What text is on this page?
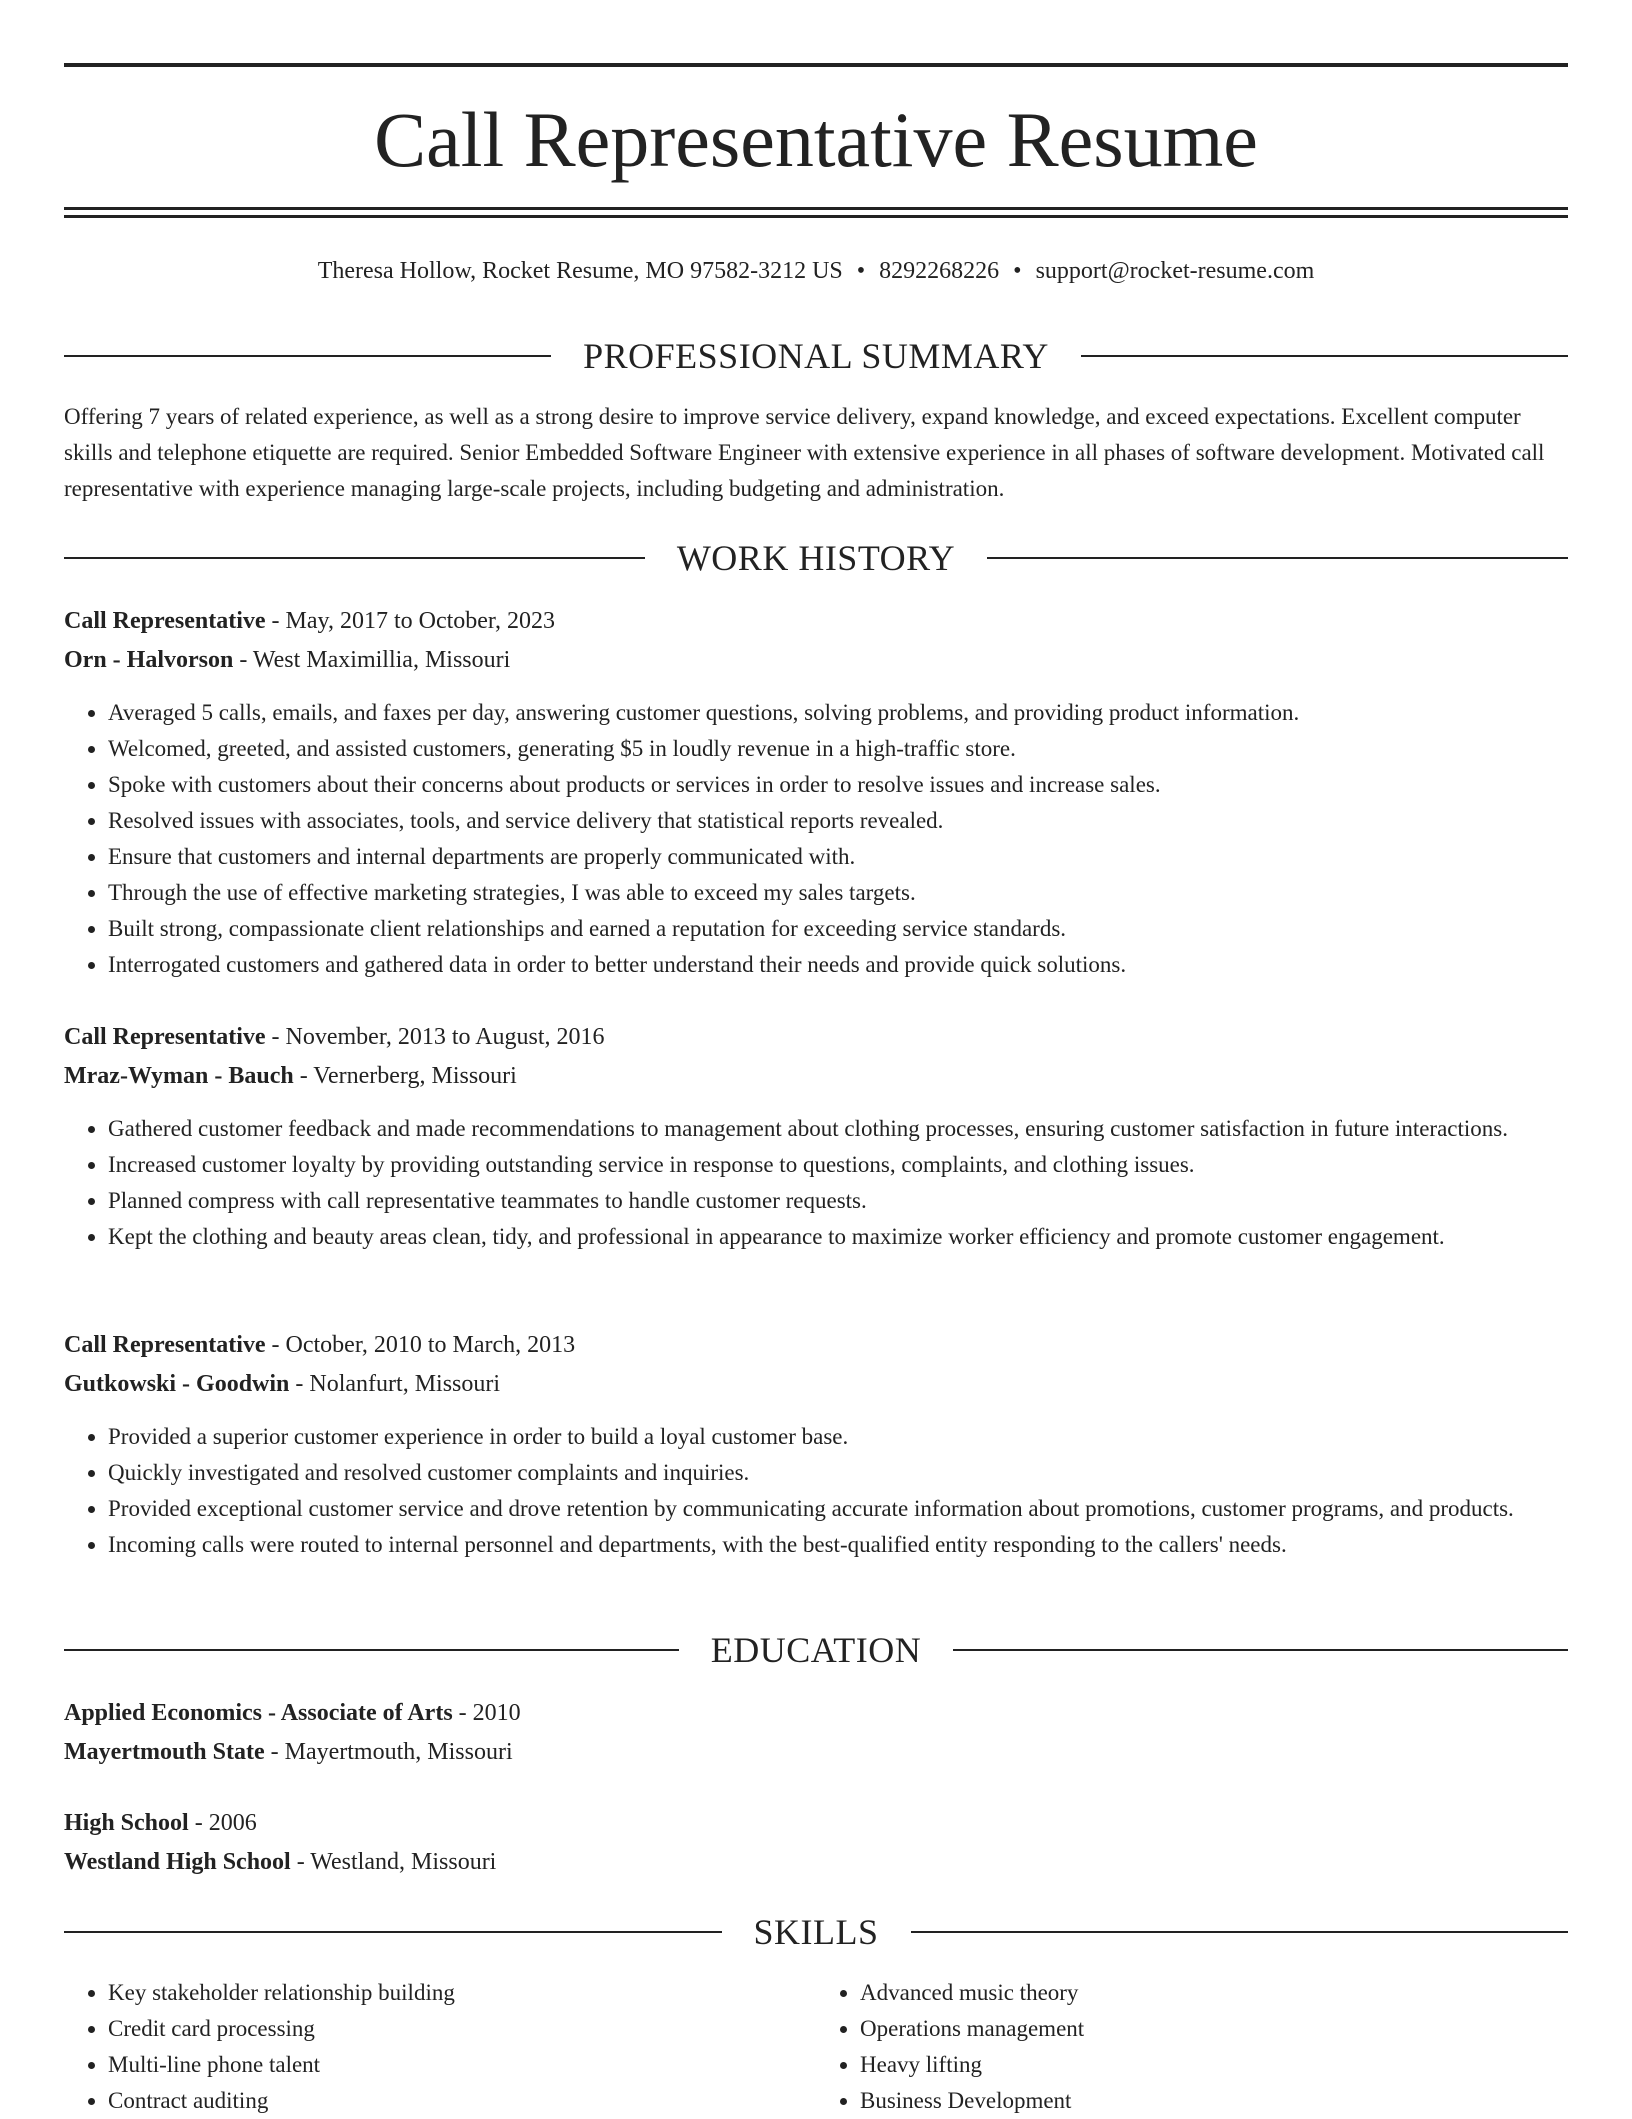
Call Representative Resume
Theresa Hollow, Rocket Resume, MO 97582-3212 US • 8292268226 • support@rocket-resume.com
PROFESSIONAL SUMMARY

Offering 7 years of related experience, as well as a strong desire to improve service delivery, expand knowledge, and exceed expectations. Excellent computer skills and telephone etiquette are required. Senior Embedded Software Engineer with extensive experience in all phases of software development. Motivated call representative with experience managing large-scale projects, including budgeting and administration.

WORK HISTORY
Call Representative - May, 2017 to October, 2023
Orn - Halvorson - West Maximillia, Missouri
• Averaged 5 calls, emails, and faxes per day, answering customer questions, solving problems, and providing product information.
• Welcomed, greeted, and assisted customers, generating $5 in loudly revenue in a high-traffic store.
• Spoke with customers about their concerns about products or services in order to resolve issues and increase sales.
• Resolved issues with associates, tools, and service delivery that statistical reports revealed.
• Ensure that customers and internal departments are properly communicated with.
• Through the use of effective marketing strategies, I was able to exceed my sales targets.
• Built strong, compassionate client relationships and earned a reputation for exceeding service standards.
• Interrogated customers and gathered data in order to better understand their needs and provide quick solutions.
Call Representative - November, 2013 to August, 2016
Mraz-Wyman - Bauch - Vernerberg, Missouri
• Gathered customer feedback and made recommendations to management about clothing processes, ensuring customer satisfaction in future interactions.
• Increased customer loyalty by providing outstanding service in response to questions, complaints, and clothing issues.
• Planned compress with call representative teammates to handle customer requests.
• Kept the clothing and beauty areas clean, tidy, and professional in appearance to maximize worker efficiency and promote customer engagement.
Call Representative - October, 2010 to March, 2013
Gutkowski - Goodwin - Nolanfurt, Missouri
• Provided a superior customer experience in order to build a loyal customer base.
• Quickly investigated and resolved customer complaints and inquiries.
• Provided exceptional customer service and drove retention by communicating accurate information about promotions, customer programs, and products.
• Incoming calls were routed to internal personnel and departments, with the best-qualified entity responding to the callers' needs.
EDUCATION
Applied Economics - Associate of Arts - 2010
Mayertmouth State - Mayertmouth, Missouri
High School - 2006
Westland High School - Westland, Missouri
SKILLS
• Key stakeholder relationship building
• Credit card processing
• Multi-line phone talent
• Contract auditing
• Advanced music theory
• Operations management
• Heavy lifting
• Business Development
